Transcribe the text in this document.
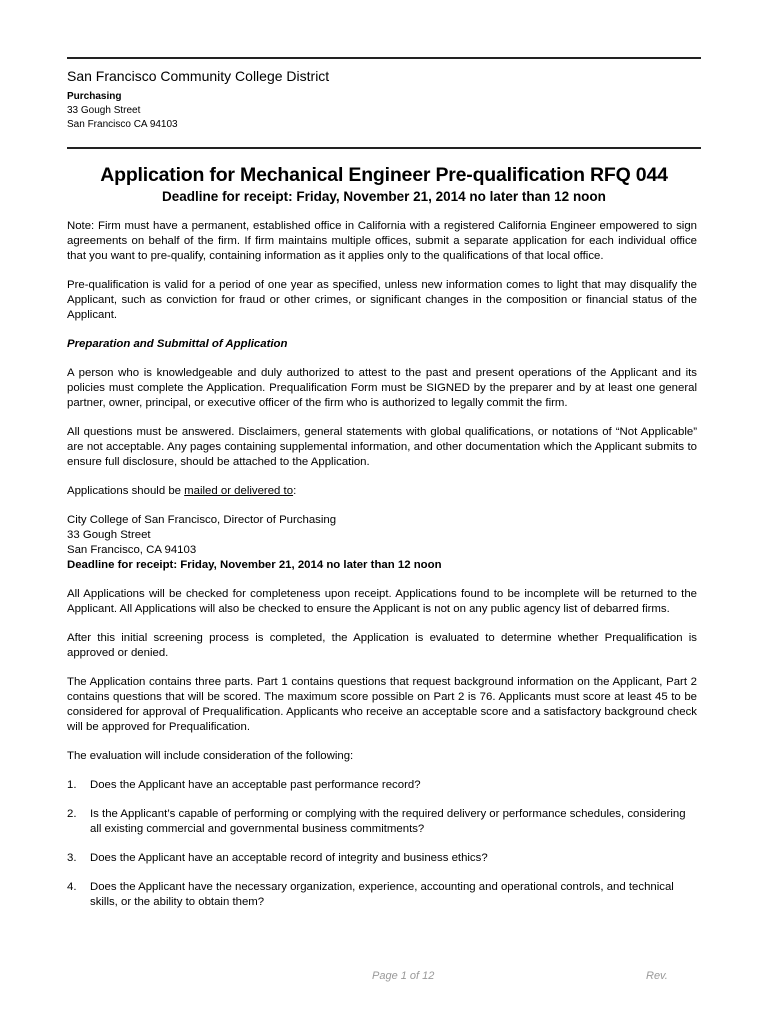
San Francisco Community College District
Purchasing
33 Gough Street
San Francisco CA 94103
Application for Mechanical Engineer Pre-qualification RFQ 044
Deadline for receipt: Friday, November 21, 2014 no later than 12 noon

Note: Firm must have a permanent, established office in California with a registered California Engineer empowered to sign agreements on behalf of the firm. If firm maintains multiple offices, submit a separate application for each individual office that you want to pre-qualify, containing information as it applies only to the qualifications of that local office.

Pre-qualification is valid for a period of one year as specified, unless new information comes to light that may disqualify the Applicant, such as conviction for fraud or other crimes, or significant changes in the composition or financial status of the Applicant.

Preparation and Submittal of Application

A person who is knowledgeable and duly authorized to attest to the past and present operations of the Applicant and its policies must complete the Application. Prequalification Form must be SIGNED by the preparer and by at least one general partner, owner, principal, or executive officer of the firm who is authorized to legally commit the firm.

All questions must be answered. Disclaimers, general statements with global qualifications, or notations of “Not Applicable” are not acceptable. Any pages containing supplemental information, and other documentation which the Applicant submits to ensure full disclosure, should be attached to the Application.

Applications should be mailed or delivered to:

City College of San Francisco, Director of Purchasing
33 Gough Street
San Francisco, CA 94103
Deadline for receipt: Friday, November 21, 2014 no later than 12 noon

All Applications will be checked for completeness upon receipt. Applications found to be incomplete will be returned to the Applicant. All Applications will also be checked to ensure the Applicant is not on any public agency list of debarred firms.

After this initial screening process is completed, the Application is evaluated to determine whether Prequalification is approved or denied.

The Application contains three parts. Part 1 contains questions that request background information on the Applicant, Part 2 contains questions that will be scored. The maximum score possible on Part 2 is 76. Applicants must score at least 45 to be considered for approval of Prequalification. Applicants who receive an acceptable score and a satisfactory background check will be approved for Prequalification.

The evaluation will include consideration of the following:

1.	Does the Applicant have an acceptable past performance record?
2.	Is the Applicant’s capable of performing or complying with the required delivery or performance schedules, considering all existing commercial and governmental business commitments?
3.	Does the Applicant have an acceptable record of integrity and business ethics?
4.	Does the Applicant have the necessary organization, experience, accounting and operational controls, and technical skills, or the ability to obtain them?
Page 1 of 12	Rev.
